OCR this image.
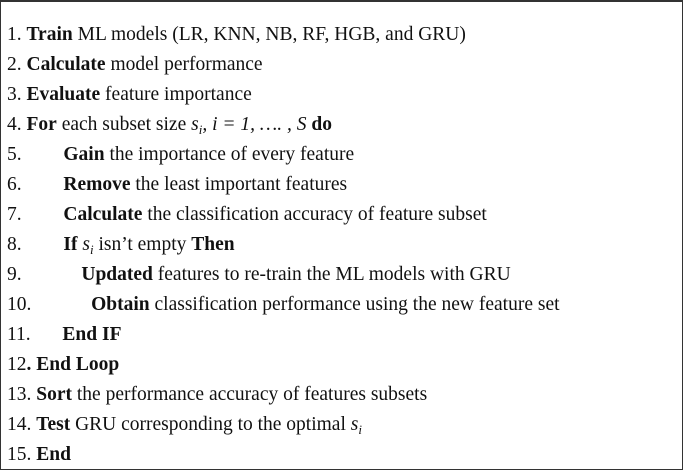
1. Train ML models (LR, KNN, NB, RF, HGB, and GRU)
2. Calculate model performance
3. Evaluate feature importance
4. For each subset size $s_i$, i = 1, …. , S do
5. Gain the importance of every feature
6. Remove the least important features
7. Calculate the classification accuracy of feature subset
8. If $s_i$ isn’t empty Then
9.	Updated features to re-train the ML models with GRU
10.	Obtain classification performance using the new feature set
11. End IF
12. End Loop
13. Sort the performance accuracy of features subsets
14. Test GRU corresponding to the optimal $s_i$
15. End
